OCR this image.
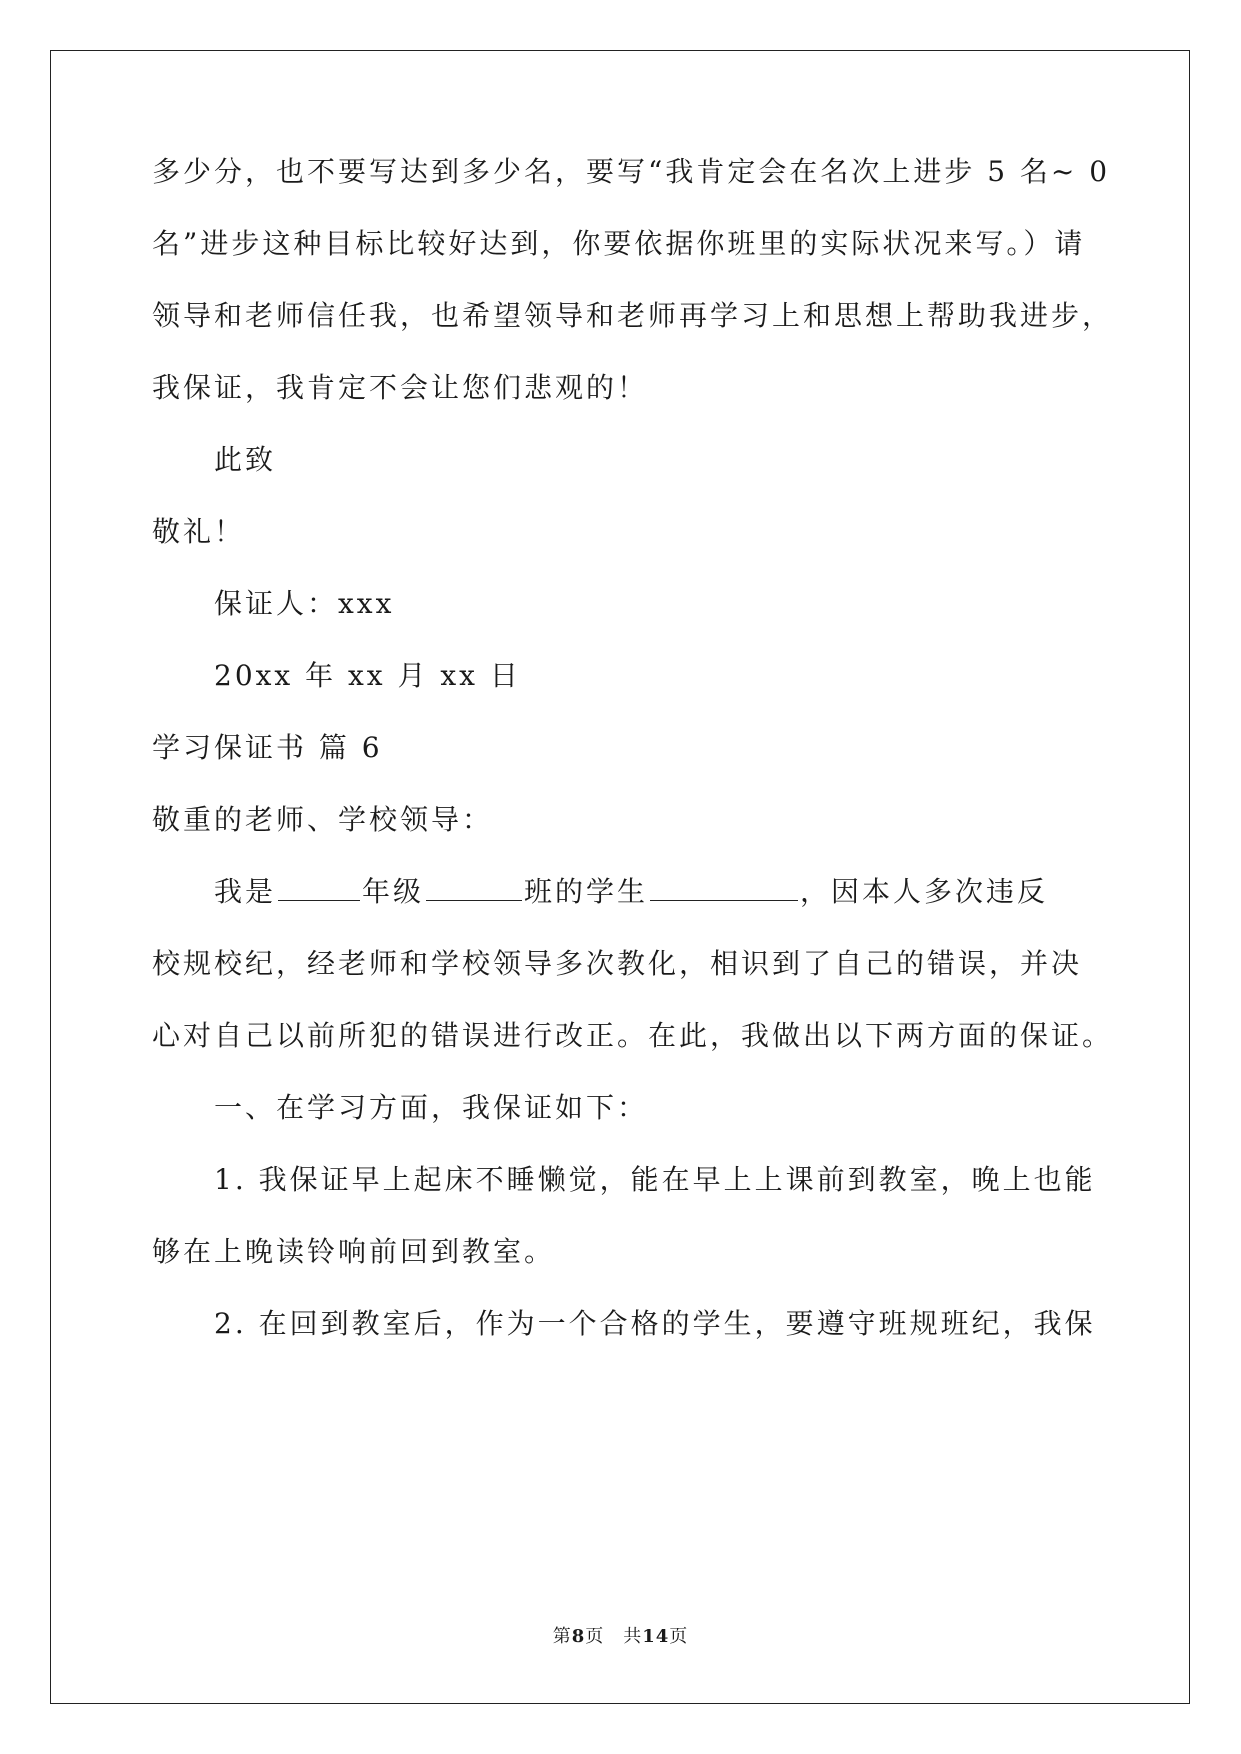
多少分，也不要写达到多少名，要写“我肯定会在名次上进步 5 名~ 0
名”进步这种目标比较好达到，你要依据你班里的实际状况来写。）请
领导和老师信任我，也希望领导和老师再学习上和思想上帮助我进步，
我保证，我肯定不会让您们悲观的！
此致
敬礼！
保证人：xxx
20xx 年 xx 月 xx 日
学习保证书 篇 6
敬重的老师、学校领导：
我是	年级	班的学生	，因本人多次违反
校规校纪，经老师和学校领导多次教化，相识到了自己的错误，并决
心对自己以前所犯的错误进行改正。在此，我做出以下两方面的保证。
一、在学习方面，我保证如下：
1. 我保证早上起床不睡懒觉，能在早上上课前到教室，晚上也能
够在上晚读铃响前回到教室。
2. 在回到教室后，作为一个合格的学生，要遵守班规班纪，我保
第8页　共14页
